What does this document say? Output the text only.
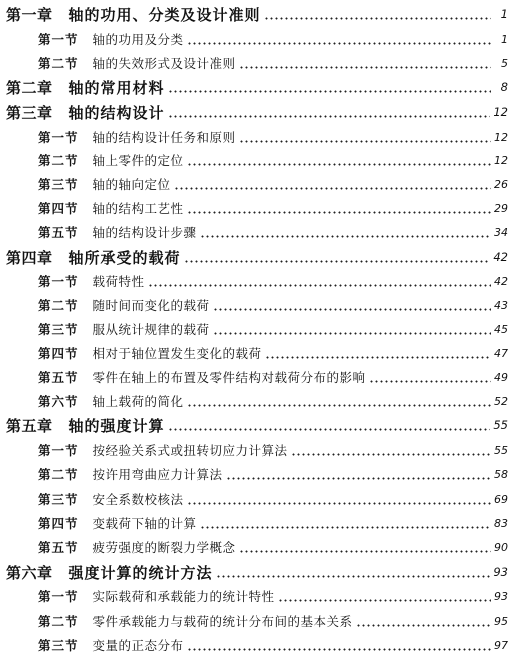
第一章 轴的功用、分类及设计准则	1
第一节 轴的功用及分类	1
第二节 轴的失效形式及设计准则	5
第二章 轴的常用材料	8
第三章 轴的结构设计	12
第一节 轴的结构设计任务和原则	12
第二节 轴上零件的定位	12
第三节 轴的轴向定位	26
第四节 轴的结构工艺性	29
第五节 轴的结构设计步骤	34
第四章 轴所承受的载荷	42
第一节 载荷特性	42
第二节 随时间而变化的载荷	43
第三节 服从统计规律的载荷	45
第四节 相对于轴位置发生变化的载荷	47
第五节 零件在轴上的布置及零件结构对载荷分布的影响	49
第六节 轴上载荷的简化	52
第五章 轴的强度计算	55
第一节 按经验关系式或扭转切应力计算法	55
第二节 按许用弯曲应力计算法	58
第三节 安全系数校核法	69
第四节 变载荷下轴的计算	83
第五节 疲劳强度的断裂力学概念	90
第六章 强度计算的统计方法	93
第一节 实际载荷和承载能力的统计特性	93
第二节 零件承载能力与载荷的统计分布间的基本关系	95
第三节 变量的正态分布	97
